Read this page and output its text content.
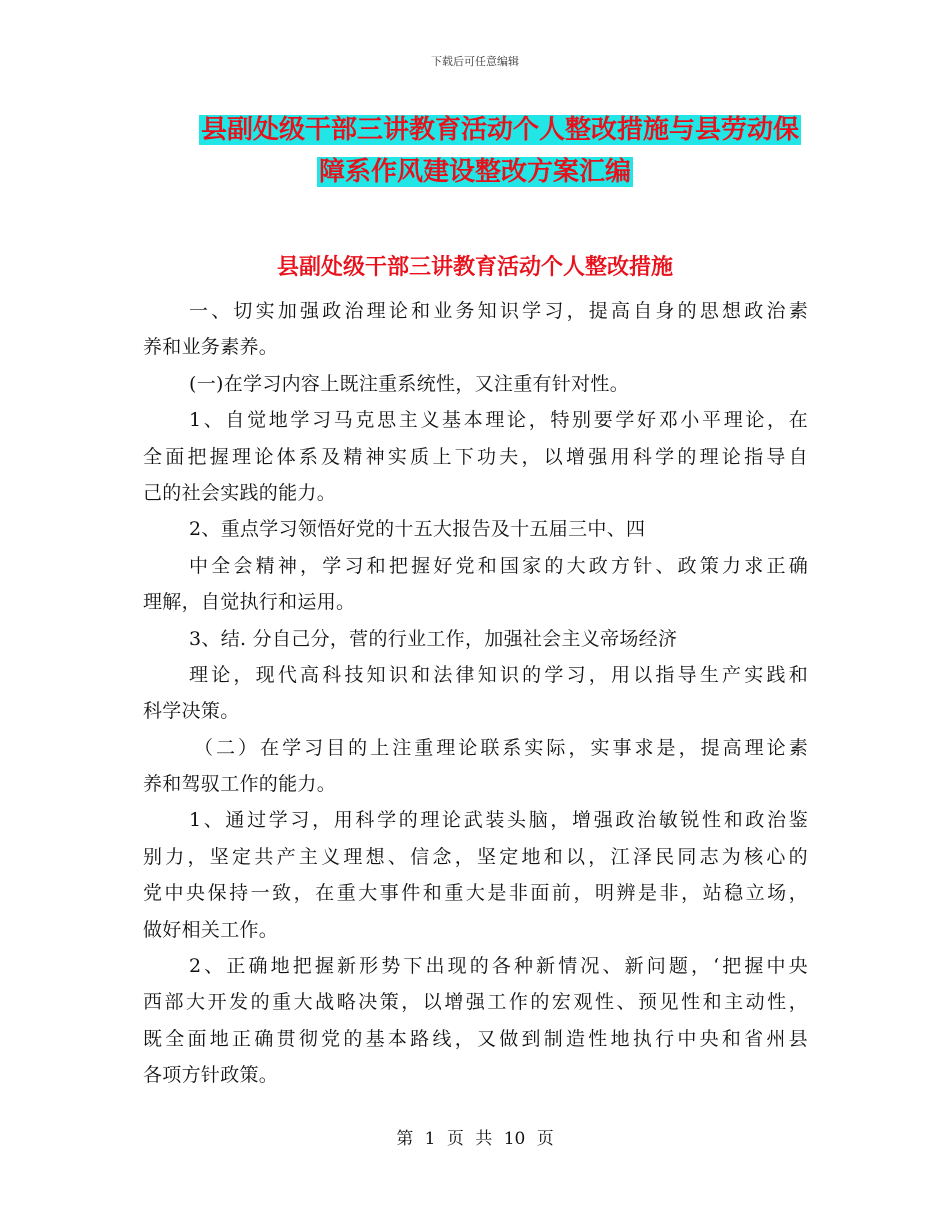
下载后可任意编辑
县副处级干部三讲教育活动个人整改措施与县劳动保
障系作风建设整改方案汇编
县副处级干部三讲教育活动个人整改措施
一、切实加强政治理论和业务知识学习，提高自身的思想政治素
养和业务素养。
(一)在学习内容上既注重系统性，又注重有针对性。
1、自觉地学习马克思主义基本理论，特别要学好邓小平理论，在
全面把握理论体系及精神实质上下功夫，以增强用科学的理论指导自
己的社会实践的能力。
2、重点学习领悟好党的十五大报告及十五届三中、四
中全会精神，学习和把握好党和国家的大政方针、政策力求正确
理解，自觉执行和运用。
3、结. 分自己分，菅的行业工作，加强社会主义帝场经济
理论，现代高科技知识和法律知识的学习，用以指导生产实践和
科学决策。
（二）在学习目的上注重理论联系实际，实事求是，提高理论素
养和驾驭工作的能力。
1、通过学习，用科学的理论武装头脑，增强政治敏锐性和政治鉴
别力，坚定共产主义理想、信念，坚定地和以，江泽民同志为核心的
党中央保持一致，在重大事件和重大是非面前，明辨是非，站稳立场，
做好相关工作。
2、正确地把握新形势下出现的各种新情况、新问题，‘把握中央
西部大开发的重大战略决策，以增强工作的宏观性、预见性和主动性，
既全面地正确贯彻党的基本路线，又做到制造性地执行中央和省州县
各项方针政策。
第 1 页 共 10 页
